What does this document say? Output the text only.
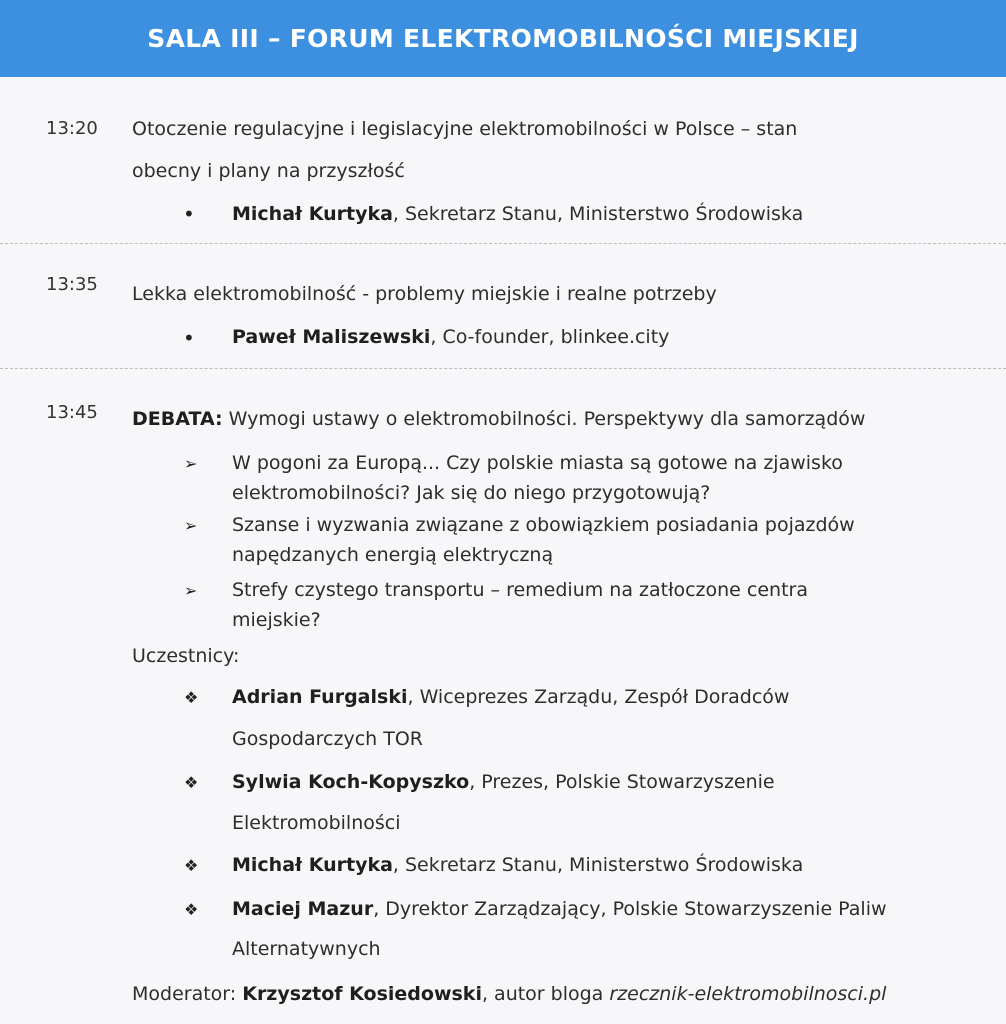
SALA III – FORUM ELEKTROMOBILNOŚCI MIEJSKIEJ
13:20 Otoczenie regulacyjne i legislacyjne elektromobilności w Polsce – stan
obecny i plany na przyszłość
• Michał Kurtyka, Sekretarz Stanu, Ministerstwo Środowiska
13:35 Lekka elektromobilność - problemy miejskie i realne potrzeby
• Paweł Maliszewski, Co-founder, blinkee.city
13:45 DEBATA: Wymogi ustawy o elektromobilności. Perspektywy dla samorządów
➢ W pogoni za Europą... Czy polskie miasta są gotowe na zjawisko
elektromobilności? Jak się do niego przygotowują?
➢ Szanse i wyzwania związane z obowiązkiem posiadania pojazdów
napędzanych energią elektryczną
➢ Strefy czystego transportu – remedium na zatłoczone centra
miejskie?
Uczestnicy:
❖ Adrian Furgalski, Wiceprezes Zarządu, Zespół Doradców
Gospodarczych TOR
❖ Sylwia Koch-Kopyszko, Prezes, Polskie Stowarzyszenie
Elektromobilności
❖ Michał Kurtyka, Sekretarz Stanu, Ministerstwo Środowiska
❖ Maciej Mazur, Dyrektor Zarządzający, Polskie Stowarzyszenie Paliw
Alternatywnych
Moderator: Krzysztof Kosiedowski, autor bloga rzecznik-elektromobilnosci.pl
